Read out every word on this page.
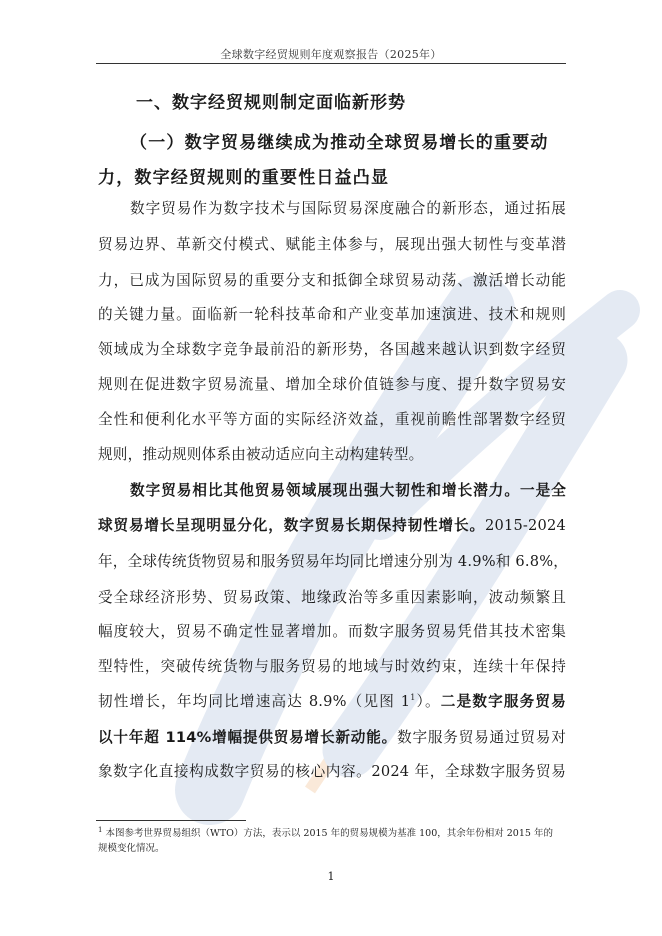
全球数字经贸规则年度观察报告（2025年）
一、数字经贸规则制定面临新形势
（一）数字贸易继续成为推动全球贸易增长的重要动
力，数字经贸规则的重要性日益凸显
数字贸易作为数字技术与国际贸易深度融合的新形态，通过拓展
贸易边界、革新交付模式、赋能主体参与，展现出强大韧性与变革潜
力，已成为国际贸易的重要分支和抵御全球贸易动荡、激活增长动能
的关键力量。面临新一轮科技革命和产业变革加速演进、技术和规则
领域成为全球数字竞争最前沿的新形势，各国越来越认识到数字经贸
规则在促进数字贸易流量、增加全球价值链参与度、提升数字贸易安
全性和便利化水平等方面的实际经济效益，重视前瞻性部署数字经贸
规则，推动规则体系由被动适应向主动构建转型。
数字贸易相比其他贸易领域展现出强大韧性和增长潜力。一是全
球贸易增长呈现明显分化，数字贸易长期保持韧性增长。2015-2024
年，全球传统货物贸易和服务贸易年均同比增速分别为 4.9%和 6.8%，
受全球经济形势、贸易政策、地缘政治等多重因素影响，波动频繁且
幅度较大，贸易不确定性显著增加。而数字服务贸易凭借其技术密集
型特性，突破传统货物与服务贸易的地域与时效约束，连续十年保持
韧性增长，年均同比增速高达 8.9%（见图 $1^1$）。二是数字服务贸易
以十年超 114%增幅提供贸易增长新动能。数字服务贸易通过贸易对
象数字化直接构成数字贸易的核心内容。2024 年，全球数字服务贸易
$^1$ 本图参考世界贸易组织（WTO）方法，表示以 2015 年的贸易规模为基准 100，其余年份相对 2015 年的
规模变化情况。
1
